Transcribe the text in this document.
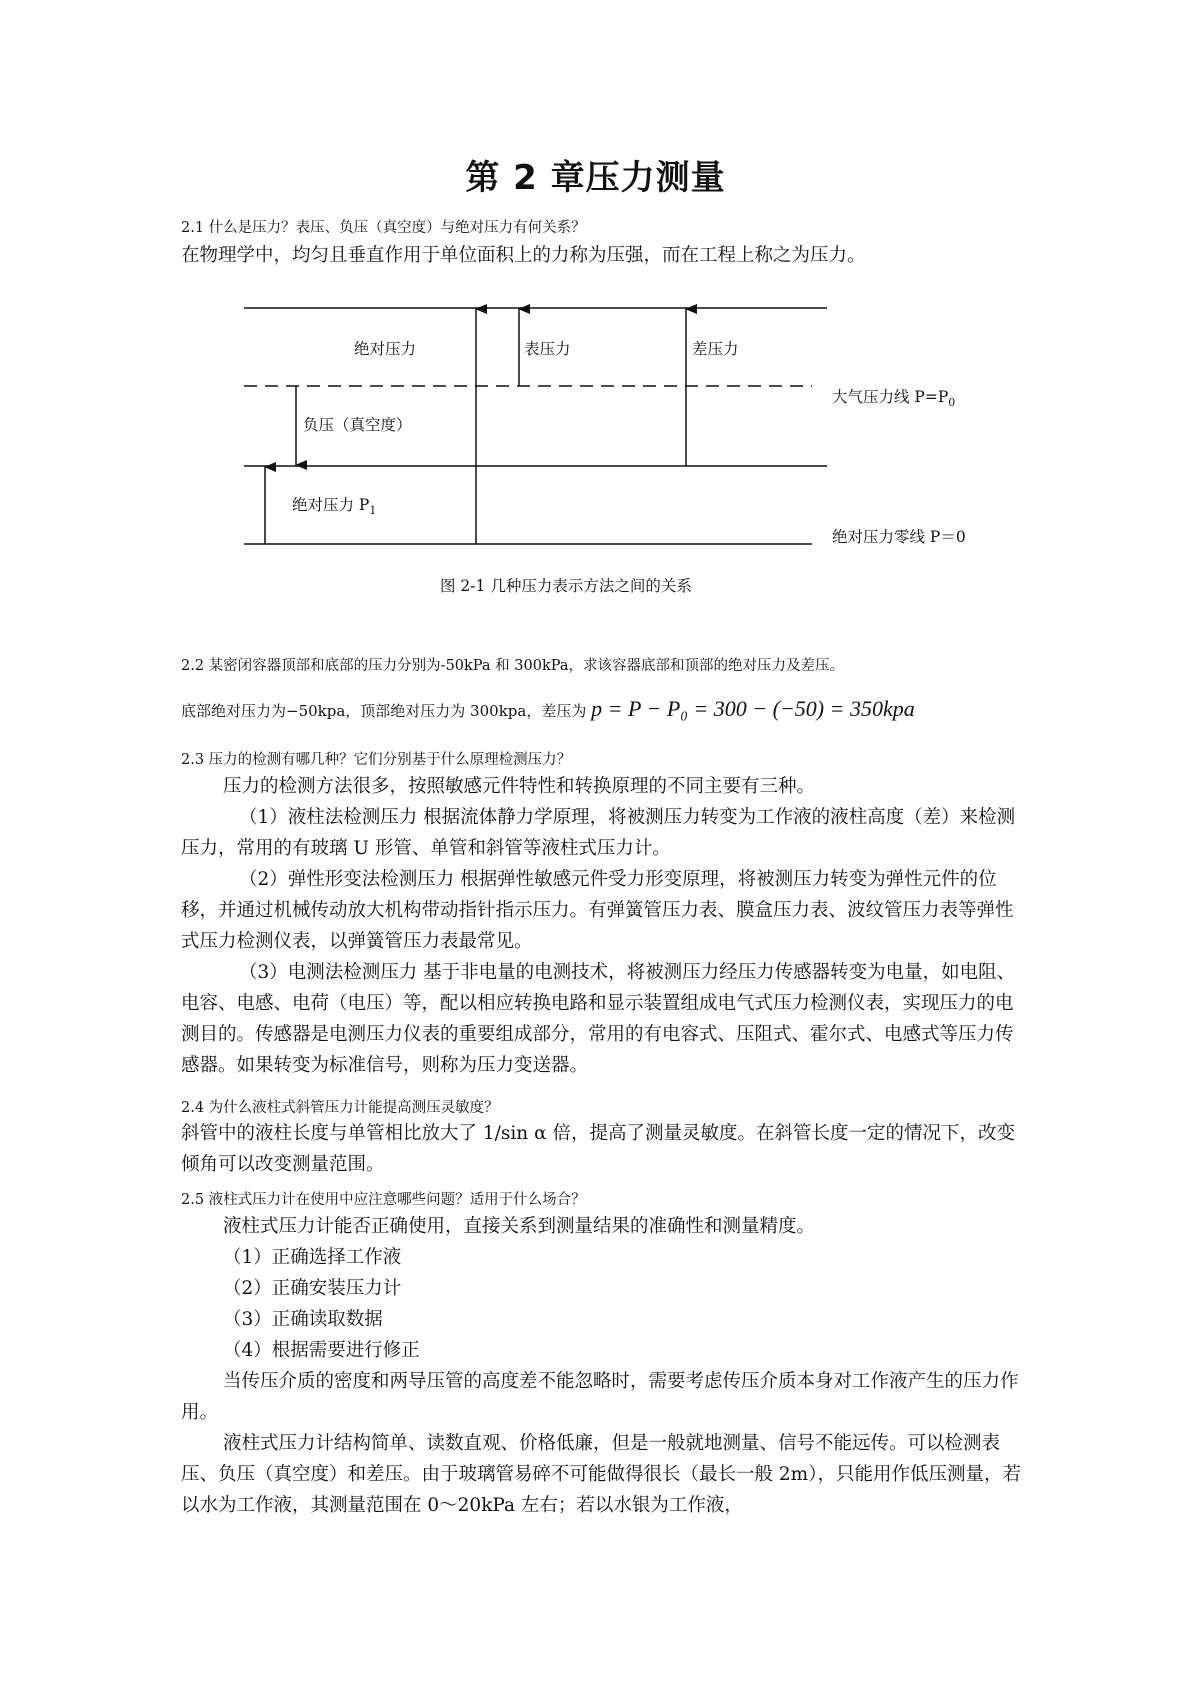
第 2 章压力测量
2.1 什么是压力？表压、负压（真空度）与绝对压力有何关系？
在物理学中，均匀且垂直作用于单位面积上的力称为压强，而在工程上称之为压力。
绝对压力	表压力	差压力
负压（真空度）
绝对压力 $P_1$
大气压力线 $P=P_0$
绝对压力零线 P＝0
图 2-1 几种压力表示方法之间的关系
2.2 某密闭容器顶部和底部的压力分别为-50kPa 和 300kPa，求该容器底部和顶部的绝对压力及差压。
底部绝对压力为−50kpa，顶部绝对压力为 300kpa，差压为 p = P − P₀ = 300 − (−50) = 350kpa
2.3 压力的检测有哪几种？它们分别基于什么原理检测压力？

压力的检测方法很多，按照敏感元件特性和转换原理的不同主要有三种。

（1）液柱法检测压力 根据流体静力学原理，将被测压力转变为工作液的液柱高度（差）来检测压力，常用的有玻璃 U 形管、单管和斜管等液柱式压力计。

（2）弹性形变法检测压力 根据弹性敏感元件受力形变原理，将被测压力转变为弹性元件的位移，并通过机械传动放大机构带动指针指示压力。有弹簧管压力表、膜盒压力表、波纹管压力表等弹性式压力检测仪表，以弹簧管压力表最常见。

（3）电测法检测压力 基于非电量的电测技术，将被测压力经压力传感器转变为电量，如电阻、电容、电感、电荷（电压）等，配以相应转换电路和显示装置组成电气式压力检测仪表，实现压力的电测目的。传感器是电测压力仪表的重要组成部分，常用的有电容式、压阻式、霍尔式、电感式等压力传感器。如果转变为标准信号，则称为压力变送器。

2.4 为什么液柱式斜管压力计能提高测压灵敏度？

斜管中的液柱长度与单管相比放大了 1/sin α 倍，提高了测量灵敏度。在斜管长度一定的情况下，改变倾角可以改变测量范围。

2.5 液柱式压力计在使用中应注意哪些问题？适用于什么场合？

液柱式压力计能否正确使用，直接关系到测量结果的准确性和测量精度。

（1）正确选择工作液

（2）正确安装压力计

（3）正确读取数据

（4）根据需要进行修正

当传压介质的密度和两导压管的高度差不能忽略时，需要考虑传压介质本身对工作液产生的压力作用。

液柱式压力计结构简单、读数直观、价格低廉，但是一般就地测量、信号不能远传。可以检测表压、负压（真空度）和差压。由于玻璃管易碎不可能做得很长（最长一般 2m），只能用作低压测量，若以水为工作液，其测量范围在 0～20kPa 左右；若以水银为工作液，
